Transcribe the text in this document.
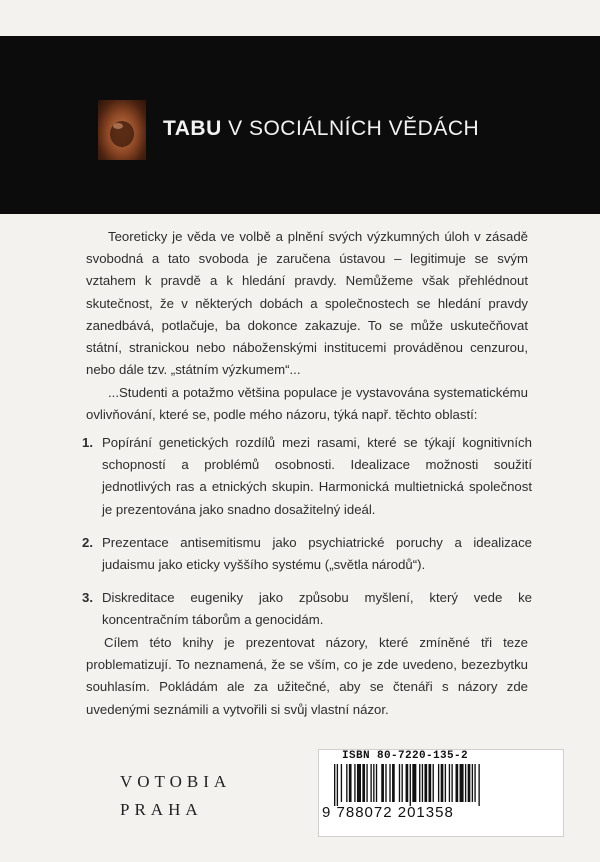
TABU V SOCIÁLNÍCH VĚDÁCH

Teoreticky je věda ve volbě a plnění svých výzkumných úloh v zásadě svobodná a tato svoboda je zaručena ústavou – legitimuje se svým vztahem k pravdě a k hledání pravdy. Nemůžeme však přehlédnout skutečnost, že v některých dobách a společnostech se hledání pravdy zanedbává, potlačuje, ba dokonce zakazuje. To se může uskutečňovat státní, stranickou nebo náboženskými institucemi prováděnou cenzurou, nebo dále tzv. „státním výzkumem“...

...Studenti a potažmo většina populace je vystavována systematickému ovlivňování, které se, podle mého názoru, týká např. těchto oblastí:

1. Popírání genetických rozdílů mezi rasami, které se týkají kognitivních schopností a problémů osobnosti. Idealizace možnosti soužití jednotlivých ras a etnických skupin. Harmonická multietnická společnost je prezentována jako snadno dosažitelný ideál.
2. Prezentace antisemitismu jako psychiatrické poruchy a idealizace judaismu jako eticky vyššího systému („světla národů“).
3. Diskreditace eugeniky jako způsobu myšlení, který vede ke koncentračním táborům a genocidám.

Cílem této knihy je prezentovat názory, které zmíněné tři teze problematizují. To neznamená, že se vším, co je zde uvedeno, bezezbytku souhlasím. Pokládám ale za užitečné, aby se čtenáři s názory zde uvedenými seznámili a vytvořili si svůj vlastní názor.

VOTOBIA
PRAHA
ISBN 80-7220-135-2
9 788072 201358
